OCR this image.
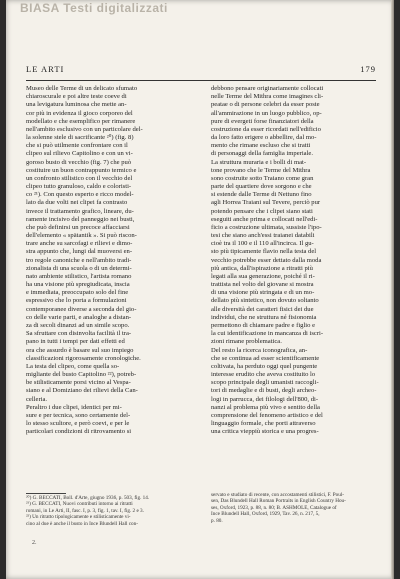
BIASA Testi digitalizzati
LE ARTI	179
Museo delle Terme di un delicato sfumato
chiaroscurale e poi altre teste coeve di
una levigatura luminosa che mette an-
cor più in evidenza il gioco corporeo del
modellato e che esemplifico per rimanere
nell'ambito esclusivo con un particolare del-
la solenne stele di sacrificante ²⁰) (fig. 8)
che si può utilmente confrontare con il
clipeo sul rilievo Capitolino e con un vi-
goroso busto di vecchio (fig. 7) che può
costituire un buon contrappunto termico e
un confronto stilistico con il vecchio del
clipeo tutto granuloso, caldo e coloristi-
co ²¹). Con questo esperto e ricco model-
lato da due volti nei clipei fa contrasto
invece il trattamento grafico, lineare, du-
ramente incisivo del panneggio nei busti,
che può definirsi un precoce affacciarsi
dell'elemento « spätantik ». Si può riscon-
trare anche su sarcofagi e rilievi e dimo-
stra appunto che, lungi dal muoversi en-
tro regole canoniche e nell'ambito tradi-
zionalista di una scuola o di un determi-
nato ambiente stilistico, l'artista romano
ha una visione più spregiudicata, inscia
e immediata, preoccupato solo del fine
espressivo che lo porta a formulazioni
contemporanee diverse a seconda del gio-
co delle varie parti, e analoghe a distan-
za di secoli dinanzi ad un simile scopo.
Sa sfruttare con disinvolta facilità il tra-
pano in tutti i tempi per dati effetti ed
ora che assurdo è basare sul suo impiego
classificazioni rigorosamente cronologiche.
La testa del clipeo, come quella so-
migliante del busto Capitolino ²²), potreb-
be stilisticamente porsi vicino al Vespa-
siano e al Domiziano dei rilievi della Can-
celleria.
Peraltro i due clipei, identici per mi-
sure e per tecnica, sono certamente del-
lo stesso scultore, e però coevi, e per le
particolari condizioni di ritrovamento si
debbono pensare originariamente collocati
nelle Terme del Mithra come imagines cli-
peatae o di persone celebri da esser poste
all'ammirazione in un luogo pubblico, op-
pure di evergeti forse finanziatori della
costruzione da esser ricordati nell'edificio
da loro fatto erigere o abbellire, dal mo-
mento che rimane escluso che si tratti
di personaggi della famiglia imperiale.
La struttura muraria e i bolli di mat-
tone provano che le Terme del Mithra
sono costruite sotto Traiano come gran
parte del quartiere dove sorgono e che
si estende dalle Terme di Nettuno fino
agli Horrea Traiani sul Tevere, perciò pur
potendo pensare che i clipei siano stati
eseguiti anche prima e collocati nell'edi-
ficio a costruzione ultimata, sussiste l'ipo-
tesi che siano anch'essi traianei databili
cioè tra il 100 e il 110 all'incirca. Il gu-
sto più tipicamente flavio nella testa del
vecchio potrebbe esser dettato dalla moda
più antica, dall'ispirazione a ritratti più
legati alla sua generazione, poiché il ri-
trattista nel volto del giovane si mostra
di una visione più stringata e di un mo-
dellato più sintetico, non dovuto soltanto
alle diversità dei caratteri fisici dei due
individui, che ne struttura né fisionomia
permettono di chiamare padre e figlio e
la cui identificazione in mancanza di iscri-
zioni rimane problematica.
Del resto la ricerca iconografica, an-
che se continua ad esser scientificamente
coltivata, ha perduto oggi quel pungente
interesse erudito che aveva costituito lo
scopo principale degli umanisti raccogli-
tori di medaglie e di busti, degli archeo-
logi in parrucca, dei filologi dell'800, di-
nanzi al problema più vivo e sentito della
comprensione del fenomeno artistico e del
linguaggio formale, che porti attraverso
una critica vieppiù storica e una progres-
²⁰) G. BECCATI, Boll. d'Arte, giugno 1936, p. 503, fig. 14.
²¹) G. BECCATI, Nuovi contributi intorno ai ritratti
romani, in Le Arti, II, fasc. I, p. 3, fig. 1, tav. I, fig. 2 e 3.
²²) Un ritratto tipologicamente e stilisticamente vi-
cino al due è anche il busto in Ince Blundell Hall con-
servato e studiato di recente, con accostamenti stilistici, F. Poul-
sen, Das Blundell Hall Roman Portraits in English Country Hou-
ses, Oxford, 1923, p. 88, n. 80; B. ASHMOLE, Catalogue of
Ince Blundell Hall, Oxford, 1929, Tav. 26, n. 217, 5,
p. 80.
2.
